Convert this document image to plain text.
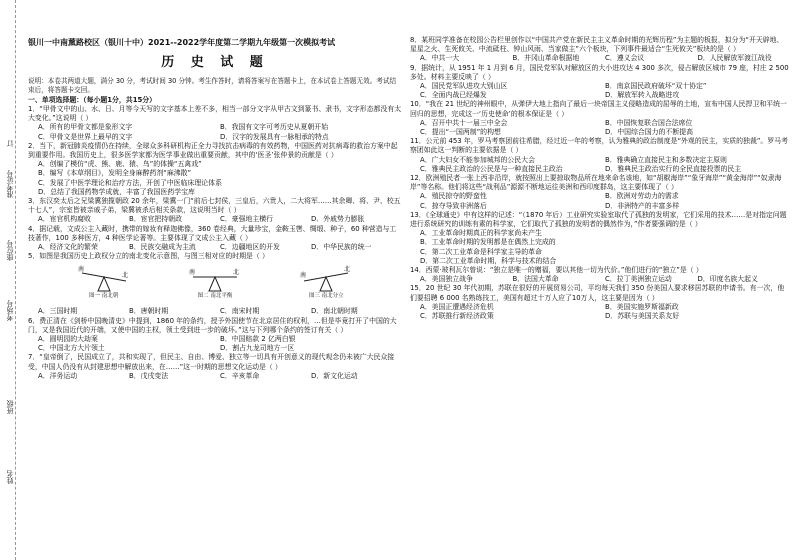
订
准考证号
座位号
考场号
班级
姓名
银川一中南薰路校区（银川十中）2021--2022学年度第二学期九年级第一次模拟考试
历 史 试 题
说明：本卷共两道大题，满分 30 分，考试时间 30 分钟。考生作答时，请将答案写在答题卡上，在本试卷上答题无效。考试结束后，将答题卡交回。
一、单项选择题：（每小题1分，共15分）
1．“甲骨文中的山、水、日、月等今天写的文字基本上差不多，相当一部分文字从甲古文到篆书、隶书，文字形态都没有太大变化。”这说明（ ）
A．所有的甲骨文都是象形文字	B．我国有文字可考历史从夏朝开始
C．甲骨文是世界上最早的文字	D．汉字的发展具有一脉相承的特点
2．当下，新冠肺炎疫情仍在持续，全球众多科研机构正全力寻找抗击病毒的有效药物，中国医药对抗病毒的救治方案中起到重要作用。我国历史上，很多医学家都为医学事业做出重要贡献，其中的‘医圣’张仲景的贡献是（ ）
A．创编了模仿“虎、熊、鹿、猿、鸟”的体操“五禽戏”
B．编写《本草纲目》，发明全身麻醉药剂“麻沸散”
C．发展了中医学理论和治疗方法，开创了中医临床理论体系
D．总结了我国药物学成就，丰富了我国医药学宝库
3．东汉奕太后之兄梁冀独揽朝政 20 余年，梁冀一门“前后七封侯，三皇后，六贵人，二大将军……其余卿、将、尹、校五十七人”，宗室皆被亲戚子弟，梁冀被杀后相关条款，这说明当时（ ）
A．宦官机构腐败	B．宦官把持朝政	C．豪强地主横行	D．外戚势力膨胀
4．据记载，文成公主入藏时，携带的嫁妆有释迦佛像，360 卷经典，大量珍宝，金鞍玉辔、绸缎、种子，60 种营造与工技著作，100 多种医方，4 种医学论著等。主要体现了文成公主入藏（ ）
A．经济文化的繁荣	B．民族交融成为主流	C．边疆地区的开发	D．中华民族的统一
5．如图是我国历史上政权分立的南北变化示意图，与图三相对应的时期是（ ）
南
北
图一 南北朝
南	北
图二 南北平衡
南
北
图三 南北分立
A．三国时期	B．唐朝时期	C．南宋时期	D．南北朝时期
6．费正清在《剑桥中国晚清史》中提到，1860 年的条约，授予外国使节在北京居住的权利，…但是毕竟打开了中国的大门，又是我国近代的开端，又使中国的主权，领土受到进一步的破坏。”这与下列哪个条约的签订有关（ ）
A．圆明园的大劫案	B．中国赔款 2 亿两白银
C．中国北方大片领土	D．割占九龙司地方一区
7．“皇帝倒了，民国成立了，共和实现了，但民主、自由、博爱、独立等一切具有开创意义的现代观念仍未被广大民众接受，中国人仍没有从封建思想中解放出来，在……”这一时期的思想文化运动是（ ）
A．洋务运动	B．戊戌变法	C．辛亥革命	D．新文化运动
8．某班同学准备在校园公告栏里创作以“中国共产党在新民主主义革命时期的光辉历程”为主题的板报，拟分为“开天辟地、星星之火、生死攸关、中流砥柱、钟山风雨、当家做主”六个板块，下列事件最适合“生死攸关”板块的是（ ）
A．中共一大	B．井冈山革命根据地	C．遵义会议	D．人民解放军渡江战役
9．据统计，从 1951 年 1 月到 6 月，国民党军队对解放区的大小进攻达 4 300 多次，侵占解放区城市 79 座，村庄 2 500 多处。材料主要反映了（ ）
A．国民党军队进攻大别山区	B．南京国民政府破坏“双十协定”
C．全面内战已经爆发	D．解放军转入战略进攻
10．“我在 21 世纪的神州眼中，从弹伊大地上指向了最后一块帝国主义侵略造成的屈辱的土地，宣布中国人民捍卫和平统一回归的思想，完成这一‘历史使命’的根本保证是（ ）
A．召开中共十一届三中全会	B．中国恢复联合国合法席位
C．提出“一国两制”的构想	D．中国综合国力的不断提高
11．公元前 453 年，罗马考察团前往希腊，经过近一年的考察，认为雅典的政治制度是“外观的民主，实质的独裁”。罗马考察团如此这一判断的主要依据是（ ）
A．广大妇女不能参加城邦的公民大会	B．雅典确立直接民主和多数决定主原则
C．雅典民主政治的公民是与一种直接民主政治	D．雅典民主政治实行的全民直接投票的民主
12．欧洲殖民者一张上西非沿岸，就按照出上要掠取物品所在地来命名该地，如“胡椒海岸”“象牙海岸”“黄金海岸”“奴隶海岸”等名称。他们将这些“战利品”源源不断地运往美洲和西印度群岛，这主要体现了（ ）
A．殖民掠夺的野蛮性	B．欧洲对劳动力的需求
C．掠夺导致非洲落后	D．非洲特产的丰富多样
13．《全球通史》中有这样的记述：“（1870 年后）工业研究实验室取代了孤独的发明家，它们采用的技术……是对指定问题进行系统研究的训练有素的科学家，它们取代了孤独的发明者的偶然作为，”作者要强调的是（ ）
A．工业革命时期真正的科学家尚未产生
B．工业革命时期的发明都是在偶然上完成的
C．第二次工业革命是科学家主导的革命
D．第二次工业革命时期，科学与技术的结合
14．西蒙·玻利瓦尔曾说：“独立是唯一的赠福，要以其他一切为代价。”他们进行的“独立”是（ ）
A．美国独立战争	B．法国大革命	C．拉丁美洲独立运动	D．印度名族大起义
15．20 世纪 30 年代初期，苏联在很好的开展贸易公司，平均每天我们 350 份美国人要求移居苏联的申请书。有一次，他们要招聘 6 000 名熟练技工，美国有超过十万人应了10万人，这主要是因为（ ）
A．美国正遭遇经济危机	B．美国实施罗斯福新政
C．苏联推行新经济政策	D．苏联与美国关系友好
